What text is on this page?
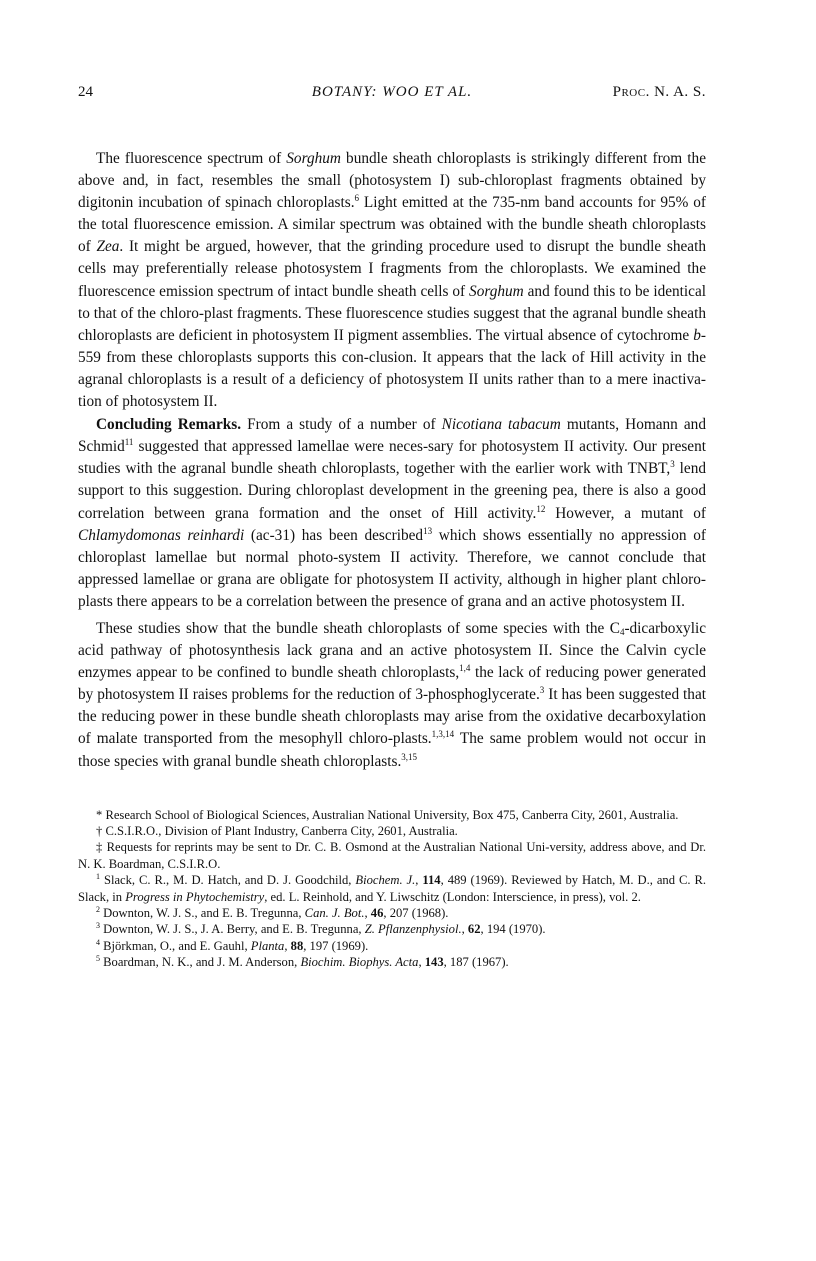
24	BOTANY: WOO ET AL.	Proc. N. A. S.

The fluorescence spectrum of Sorghum bundle sheath chloroplasts is strikingly different from the above and, in fact, resembles the small (photosystem I) sub-chloroplast fragments obtained by digitonin incubation of spinach chloroplasts.$^6$ Light emitted at the 735-nm band accounts for 95% of the total fluorescence emission. A similar spectrum was obtained with the bundle sheath chloroplasts of Zea. It might be argued, however, that the grinding procedure used to disrupt the bundle sheath cells may preferentially release photosystem I fragments from the chloroplasts. We examined the fluorescence emission spectrum of intact bundle sheath cells of Sorghum and found this to be identical to that of the chloro-plast fragments. These fluorescence studies suggest that the agranal bundle sheath chloroplasts are deficient in photosystem II pigment assemblies. The virtual absence of cytochrome b-559 from these chloroplasts supports this con-clusion. It appears that the lack of Hill activity in the agranal chloroplasts is a result of a deficiency of photosystem II units rather than to a mere inactiva-tion of photosystem II.

Concluding Remarks. From a study of a number of Nicotiana tabacum mutants, Homann and Schmid$^{11}$ suggested that appressed lamellae were neces-sary for photosystem II activity. Our present studies with the agranal bundle sheath chloroplasts, together with the earlier work with TNBT,$^3$ lend support to this suggestion. During chloroplast development in the greening pea, there is also a good correlation between grana formation and the onset of Hill activity.$^{12}$ However, a mutant of Chlamydomonas reinhardi (ac-31) has been described$^{13}$ which shows essentially no appression of chloroplast lamellae but normal photo-system II activity. Therefore, we cannot conclude that appressed lamellae or grana are obligate for photosystem II activity, although in higher plant chloro-plasts there appears to be a correlation between the presence of grana and an active photosystem II.

These studies show that the bundle sheath chloroplasts of some species with the $C_4$-dicarboxylic acid pathway of photosynthesis lack grana and an active photosystem II. Since the Calvin cycle enzymes appear to be confined to bundle sheath chloroplasts,$^{1,4}$ the lack of reducing power generated by photosystem II raises problems for the reduction of 3-phosphoglycerate.$^3$ It has been suggested that the reducing power in these bundle sheath chloroplasts may arise from the oxidative decarboxylation of malate transported from the mesophyll chloro-plasts.$^{1,3,14}$ The same problem would not occur in those species with granal bundle sheath chloroplasts.$^{3,15}$

* Research School of Biological Sciences, Australian National University, Box 475, Canberra City, 2601, Australia.

† C.S.I.R.O., Division of Plant Industry, Canberra City, 2601, Australia.

‡ Requests for reprints may be sent to Dr. C. B. Osmond at the Australian National Uni-versity, address above, and Dr. N. K. Boardman, C.S.I.R.O.

$^1$ Slack, C. R., M. D. Hatch, and D. J. Goodchild, Biochem. J., 114, 489 (1969). Reviewed by Hatch, M. D., and C. R. Slack, in Progress in Phytochemistry, ed. L. Reinhold, and Y. Liwschitz (London: Interscience, in press), vol. 2.

$^2$ Downton, W. J. S., and E. B. Tregunna, Can. J. Bot., 46, 207 (1968).

$^3$ Downton, W. J. S., J. A. Berry, and E. B. Tregunna, Z. Pflanzenphysiol., 62, 194 (1970).

$^4$ Björkman, O., and E. Gauhl, Planta, 88, 197 (1969).

$^5$ Boardman, N. K., and J. M. Anderson, Biochim. Biophys. Acta, 143, 187 (1967).
